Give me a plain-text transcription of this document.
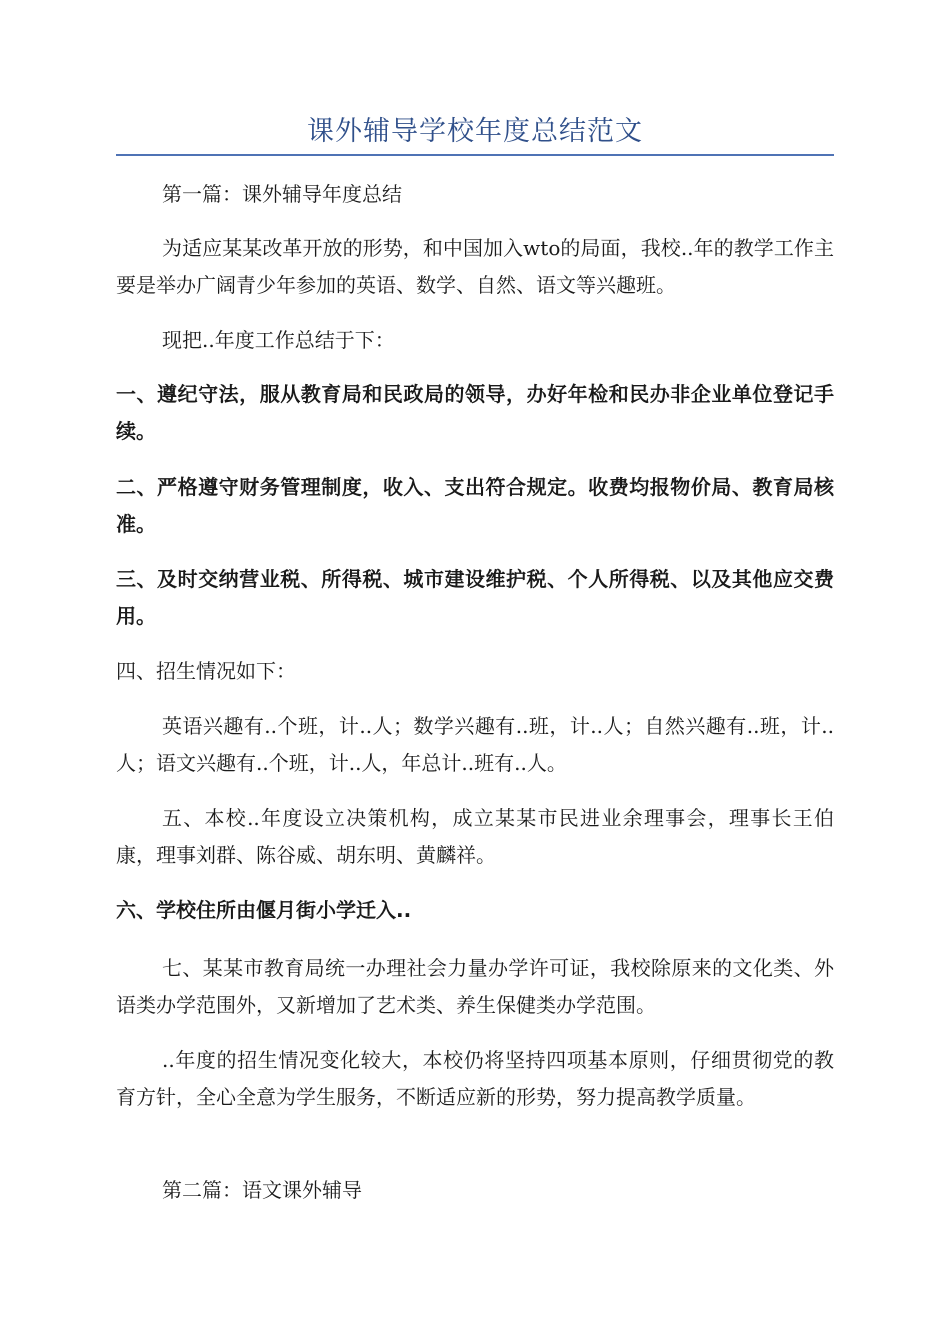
课外辅导学校年度总结范文

第一篇：课外辅导年度总结

为适应某某改革开放的形势，和中国加入wto的局面，我校..年的教学工作主要是举办广阔青少年参加的英语、数学、自然、语文等兴趣班。

现把..年度工作总结于下：

一、遵纪守法，服从教育局和民政局的领导，办好年检和民办非企业单位登记手续。

二、严格遵守财务管理制度，收入、支出符合规定。收费均报物价局、教育局核准。

三、及时交纳营业税、所得税、城市建设维护税、个人所得税、以及其他应交费用。

四、招生情况如下：

英语兴趣有..个班，计..人；数学兴趣有..班，计..人；自然兴趣有..班，计..人；语文兴趣有..个班，计..人，年总计..班有..人。

五、本校..年度设立决策机构，成立某某市民进业余理事会，理事长王伯康，理事刘群、陈谷威、胡东明、黄麟祥。

六、学校住所由偃月街小学迁入..

七、某某市教育局统一办理社会力量办学许可证，我校除原来的文化类、外语类办学范围外，又新增加了艺术类、养生保健类办学范围。

..年度的招生情况变化较大，本校仍将坚持四项基本原则，仔细贯彻党的教育方针，全心全意为学生服务，不断适应新的形势，努力提高教学质量。

第二篇：语文课外辅导
